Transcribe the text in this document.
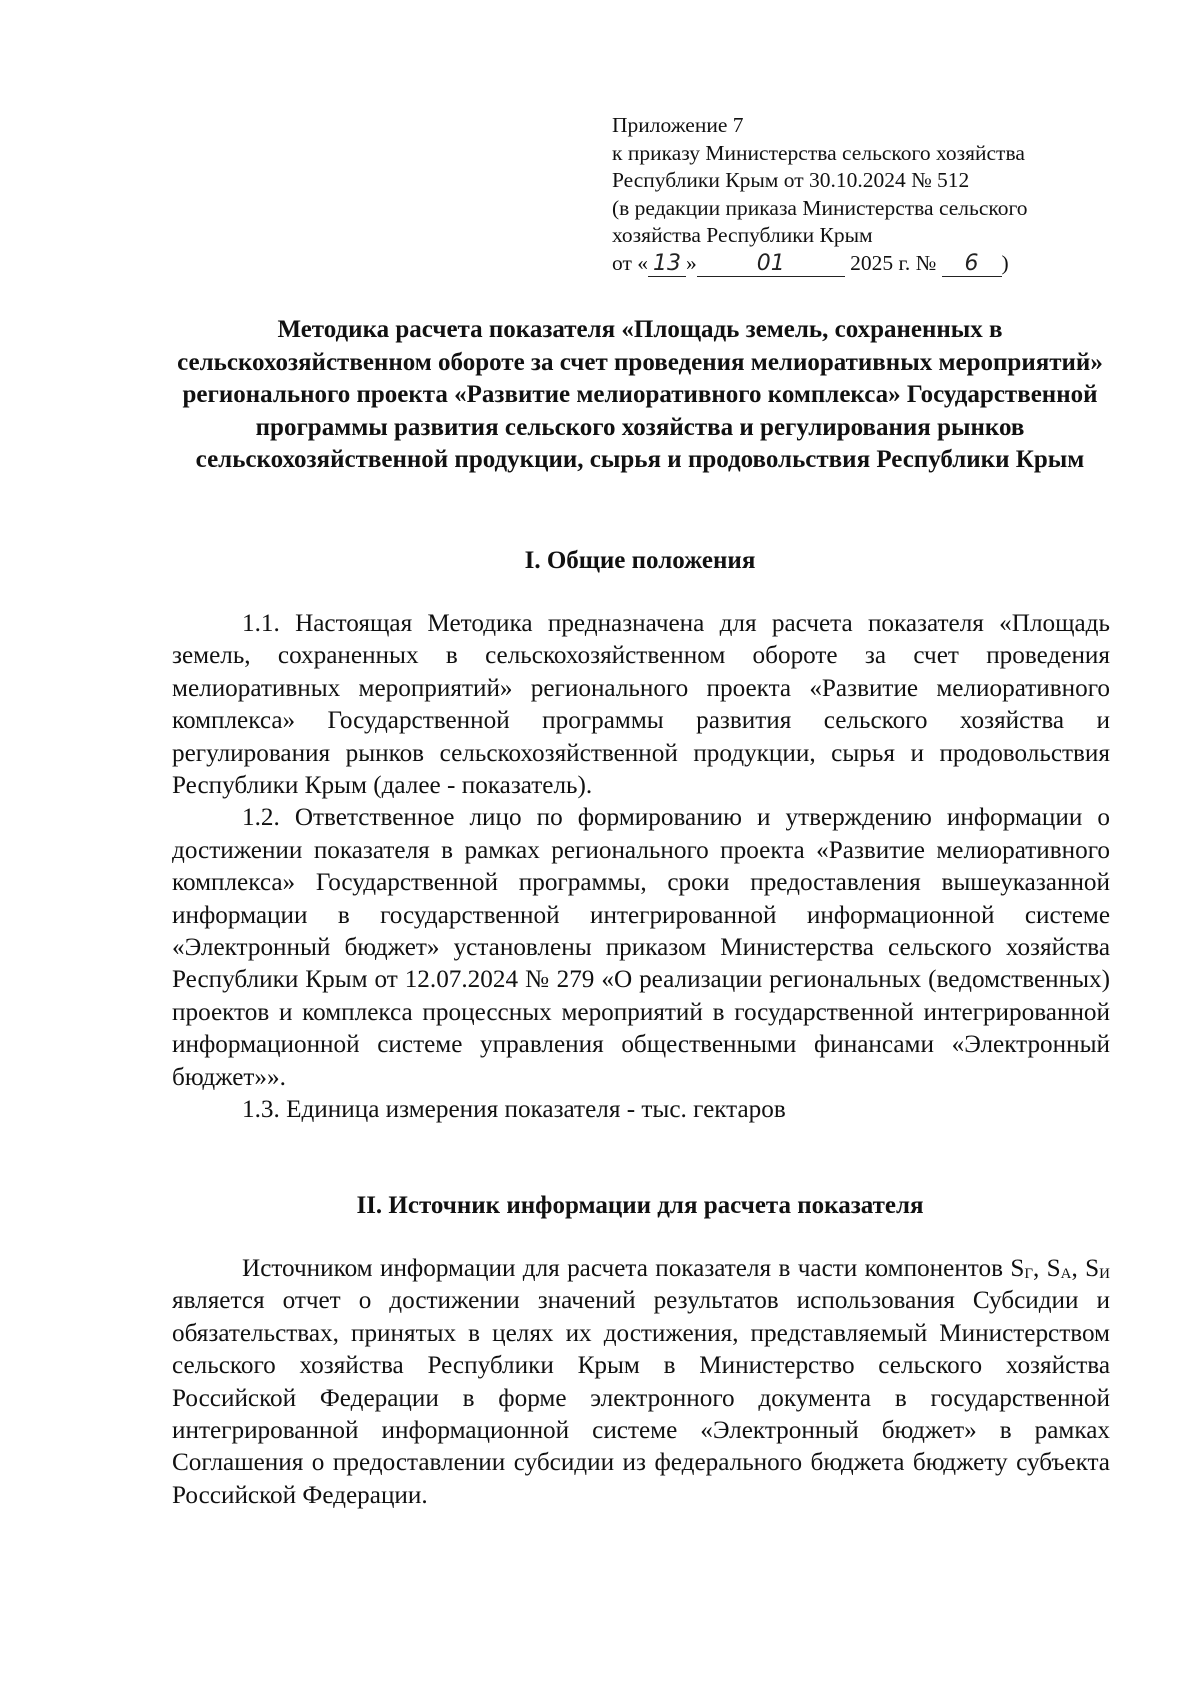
Приложение 7
к приказу Министерства сельского хозяйства
Республики Крым от 30.10.2024 № 512
(в редакции приказа Министерства сельского
хозяйства Республики Крым
от « 13 »	01	2025 г. № 6 )
Методика расчета показателя «Площадь земель, сохраненных в сельскохозяйственном обороте за счет проведения мелиоративных мероприятий» регионального проекта «Развитие мелиоративного комплекса» Государственной программы развития сельского хозяйства и регулирования рынков сельскохозяйственной продукции, сырья и продовольствия Республики Крым
I. Общие положения

1.1. Настоящая Методика предназначена для расчета показателя «Площадь земель, сохраненных в сельскохозяйственном обороте за счет проведения мелиоративных мероприятий» регионального проекта «Развитие мелиоративного комплекса» Государственной программы развития сельского хозяйства и регулирования рынков сельскохозяйственной продукции, сырья и продовольствия Республики Крым (далее - показатель).

1.2. Ответственное лицо по формированию и утверждению информации о достижении показателя в рамках регионального проекта «Развитие мелиоративного комплекса» Государственной программы, сроки предоставления вышеуказанной информации в государственной интегрированной информационной системе «Электронный бюджет» установлены приказом Министерства сельского хозяйства Республики Крым от 12.07.2024 № 279 «О реализации региональных (ведомственных) проектов и комплекса процессных мероприятий в государственной интегрированной информационной системе управления общественными финансами «Электронный бюджет»».

1.3. Единица измерения показателя - тыс. гектаров

II. Источник информации для расчета показателя

Источником информации для расчета показателя в части компонентов $S_Г$, $S_А$, $S_И$ является отчет о достижении значений результатов использования Субсидии и обязательствах, принятых в целях их достижения, представляемый Министерством сельского хозяйства Республики Крым в Министерство сельского хозяйства Российской Федерации в форме электронного документа в государственной интегрированной информационной системе «Электронный бюджет» в рамках Соглашения о предоставлении субсидии из федерального бюджета бюджету субъекта Российской Федерации.
